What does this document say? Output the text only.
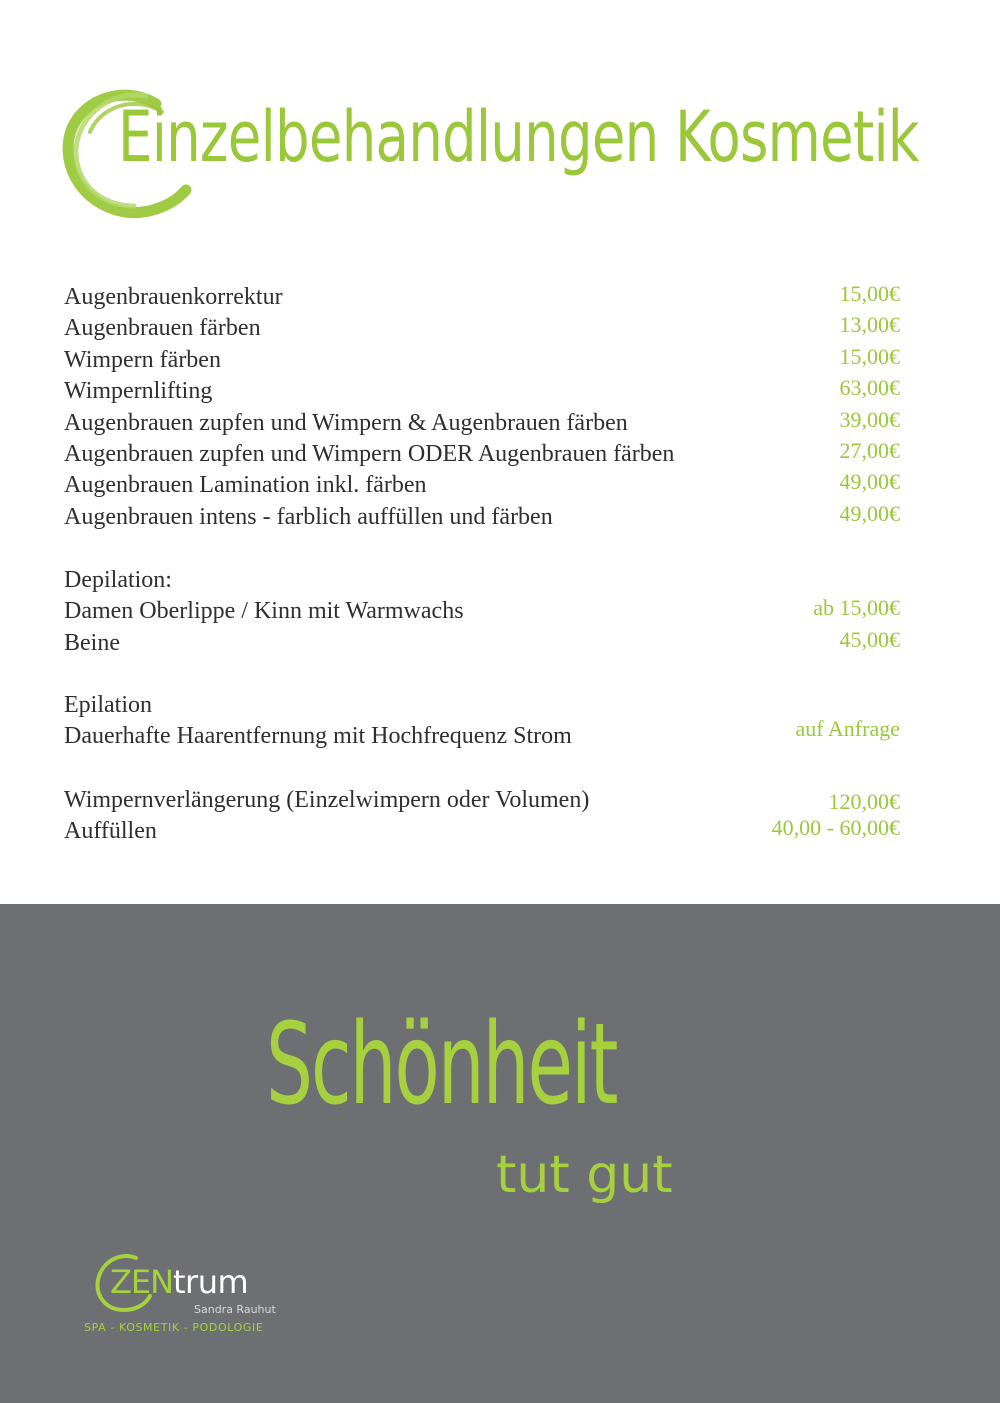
Einzelbehandlungen Kosmetik
Augenbrauenkorrektur	15,00€
Augenbrauen färben	13,00€
Wimpern färben	15,00€
Wimpernlifting	63,00€
Augenbrauen zupfen und Wimpern & Augenbrauen färben	39,00€
Augenbrauen zupfen und Wimpern ODER Augenbrauen färben	27,00€
Augenbrauen Lamination inkl. färben	49,00€
Augenbrauen intens - farblich auffüllen und färben	49,00€
Depilation:
Damen Oberlippe / Kinn mit Warmwachs	ab 15,00€
Beine	45,00€
Epilation
Dauerhafte Haarentfernung mit Hochfrequenz Strom	auf Anfrage
Wimpernverlängerung (Einzelwimpern oder Volumen)	120,00€
Auffüllen	40,00 - 60,00€
Schönheit
tut gut
ZEN trum
Sandra Rauhut
SPA - KOSMETIK - PODOLOGIE
